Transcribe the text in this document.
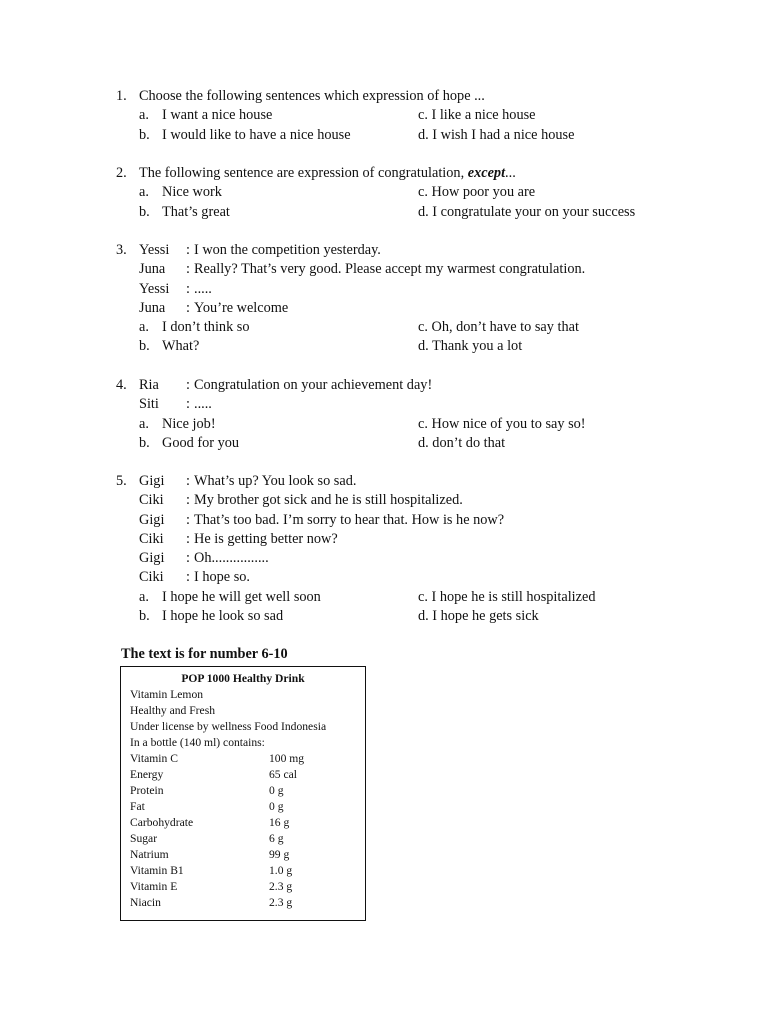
1. Choose the following sentences which expression of hope ...
a. I want a nice house	c. I like a nice house
b. I would like to have a nice house	d. I wish I had a nice house
2. The following sentence are expression of congratulation, except...
a. Nice work	c. How poor you are
b. That’s great	d. I congratulate your on your success
3. Yessi : I won the competition yesterday.
Juna : Really? That’s very good. Please accept my warmest congratulation.
Yessi : .....
Juna : You’re welcome
a. I don’t think so	c. Oh, don’t have to say that
b. What?	d. Thank you a lot
4. Ria : Congratulation on your achievement day!
Siti : .....
a. Nice job!	c. How nice of you to say so!
b. Good for you	d. don’t do that
5. Gigi : What’s up? You look so sad.
Ciki : My brother got sick and he is still hospitalized.
Gigi : That’s too bad. I’m sorry to hear that. How is he now?
Ciki : He is getting better now?
Gigi : Oh................
Ciki : I hope so.
a. I hope he will get well soon	c. I hope he is still hospitalized
b. I hope he look so sad	d. I hope he gets sick
The text is for number 6-10
POP 1000 Healthy Drink
Vitamin Lemon
Healthy and Fresh
Under license by wellness Food Indonesia
In a bottle (140 ml) contains:
Vitamin C	100 mg
Energy	65 cal
Protein	0 g
Fat	0 g
Carbohydrate	16 g
Sugar	6 g
Natrium	99 g
Vitamin B1	1.0 g
Vitamin E	2.3 g
Niacin	2.3 g
